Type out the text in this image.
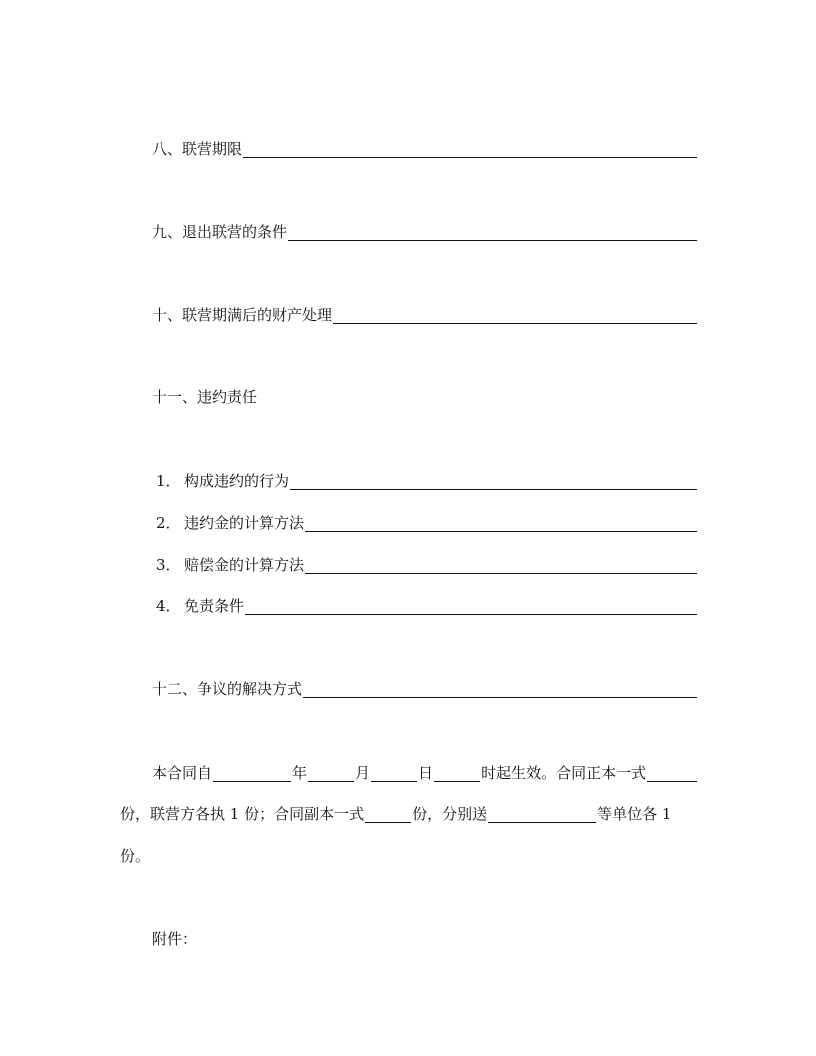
八、联营期限
九、退出联营的条件
十、联营期满后的财产处理
十一、违约责任
1． 构成违约的行为
2． 违约金的计算方法
3． 赔偿金的计算方法
4． 免责条件
十二、争议的解决方式
本合同自	年	月	日	时起生效。合同正本一式
份，联营方各执 1 份；合同副本一式	份，分别送	等单位各 1
份。
附件：
